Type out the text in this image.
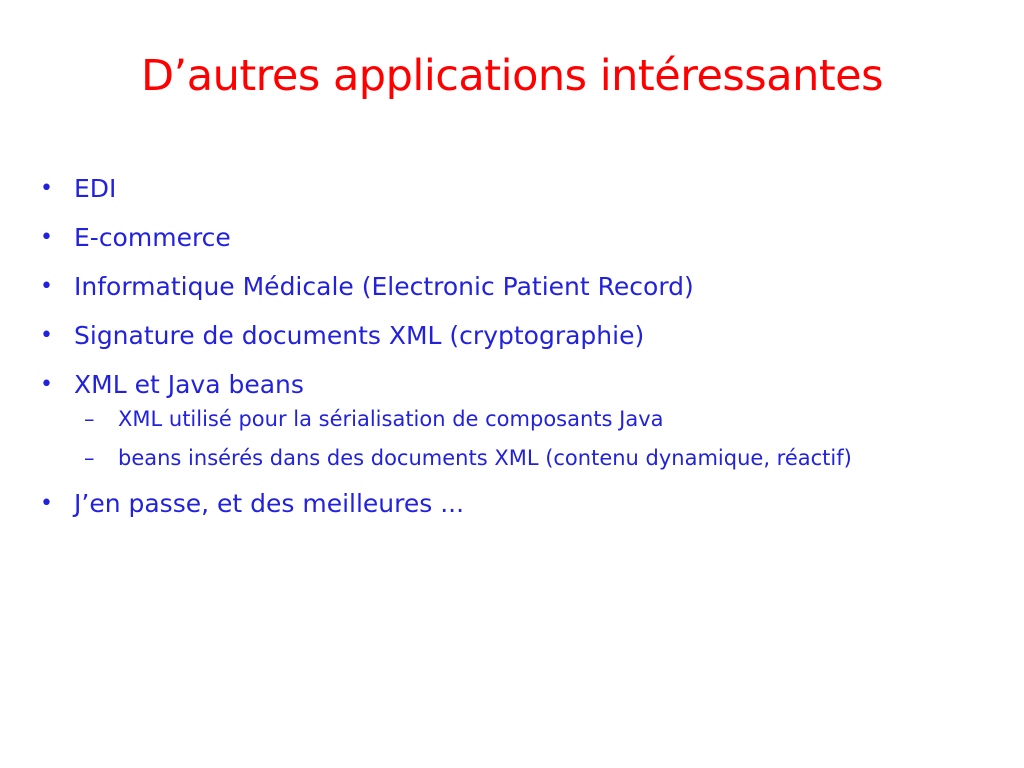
D’autres applications intéressantes
• EDI
• E-commerce
• Informatique Médicale (Electronic Patient Record)
• Signature de documents XML (cryptographie)
• XML et Java beans
– XML utilisé pour la sérialisation de composants Java
– beans insérés dans des documents XML (contenu dynamique, réactif)
• J’en passe, et des meilleures ...
